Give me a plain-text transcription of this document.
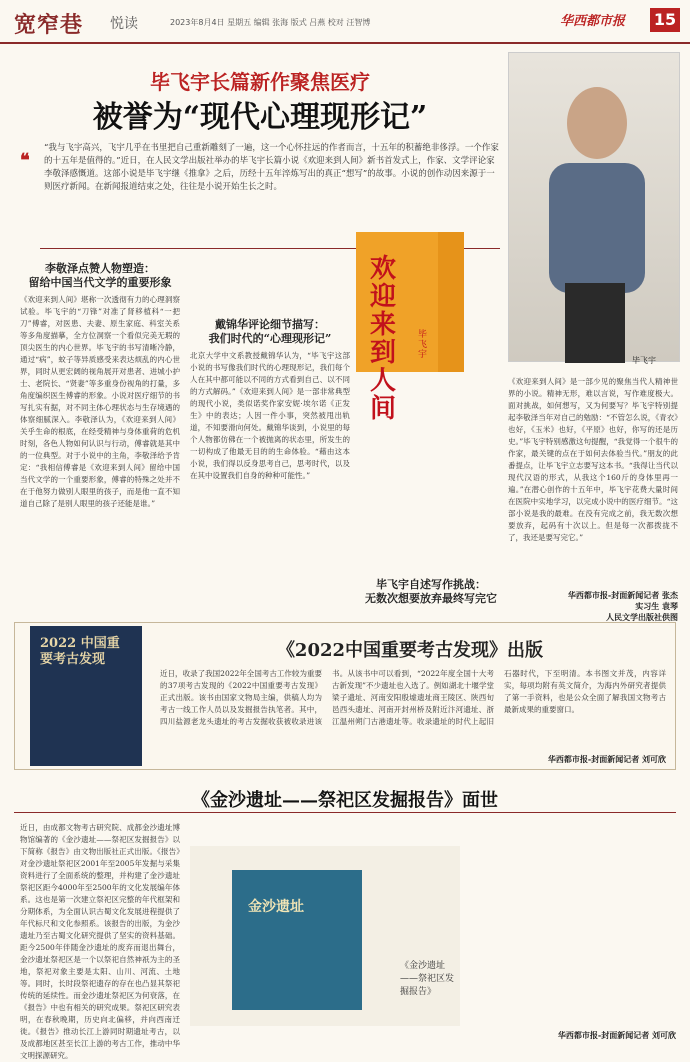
宽窄巷 悦读	2023年8月4日 星期五 编辑 张海 版式 吕燕 校对 汪智博	华西都市报 15
毕飞宇长篇新作聚焦医疗
被誉为“现代心理现形记”
❝
“我与飞宇高兴，飞宇几乎在书里把自己重新雕刻了一遍，这一个心怀拄远的作者而言，十五年的积蓄绝非侈浮。一个作家的十五年是值得的。”近日，在人民文学出版社举办的毕飞宇长篇小说《欢迎来到人间》新书首发式上，作家、文学评论家李敬泽感慨道。这部小说是毕飞宇继《推拿》之后，历经十五年淬炼写出的真正“想写”的故事。小说的创作动因来源于一则医疗新闻。在新闻报道结束之处，往往是小说开始生长之时。
毕飞宇
李敬泽点赞人物塑造：
留给中国当代文学的重要形象
《欢迎来到人间》堪称一次透彻有力的心理洞察试验。毕飞宇的“刀锋”对准了肾移植科“一把刀”傅睿，对医患、夫妻、原生家庭、科室关系等多角度描摹，全方位洞察一个看似完美无瑕的顶尖医生的内心世界。毕飞宇的书写清晰冷静，通过“病”，蚊子等异质感受来表达烦乱的内心世界，同时从更宏阔的视角展开对患者、进城小护士、老院长、“贤妻”等多重身份视角的打量，多角度编织医生傅睿的形象。小说对医疗细节的书写扎实有据，对不同主体心理状态与生存境遇的体察细腻深入。李敬泽认为，《欢迎来到人间》关乎生命的根底，在经受精神与身体重荷的危机时刻，各色人物如何认识与行动，傅睿就是其中的一位典型。对于小说中的主角，李敬泽给予肯定：“我相信傅睿是《欢迎来到人间》留给中国当代文学的一个重要形象，傅睿的特殊之处并不在于他努力做别人眼里的孩子，而是他一直不知道自己除了是别人眼里的孩子还能是谁。”
戴锦华评论细节描写：
我们时代的“心理现形记”
北京大学中文系教授戴锦华认为，“毕飞宇这部小说的书写像我们时代的心理现形记，我们每个人在其中都可能以不同的方式看到自己、以不同的方式解码。”《欢迎来到人间》是一部非常典型的现代小说，类似诺奖作家安妮·埃尔诺《正发生》中的表达；人因一件小事，突然被甩出轨道，不知要滑向何处。戴锦华谈到，小说里的每个人物都仿佛在一个被抛离的状态里，所发生的一切构成了他最无目的的生命体验。“藉由这本小说，我们得以反身思考自己，思考时代，以及在其中设置我们自身的种种可能性。”
欢迎来到人间
毕飞宇
毕飞宇自述写作挑战：
无数次想要放弃最终写完它
《欢迎来到人间》是一部少见的聚焦当代人精神世界的小说。精神无形，难以言说，写作难度极大。面对挑战，如何想写，又为何要写？毕飞宇特别提起李敬泽当年对自己的勉励：“不管怎么说，《青衣》也好，《玉米》也好，《平原》也好，你写的还是历史。”毕飞宇特别感激这句提醒，“我觉得一个很牛的作家，最关键的点在于如何去体验当代。”朋友的此番提点，让毕飞宇立志要写这本书。“我得让当代以现代汉语的形式，从我这个160斤的身体里再一遍。”在潜心创作的十五年中，毕飞宇花费大量时间在医院中实地学习，以完成小说中的医疗细节。“这部小说是我的最难。在没有完成之前，我无数次想要放弃，起码有十次以上。但是每一次都拨拢不了，我还是要写完它。”
华西都市报-封面新闻记者 张杰
实习生 袁琴
人民文学出版社供图
2022 中国重要考古发现	《2022中国重要考古发现》出版
近日，收录了我国2022年全国考古工作较为重要的37项考古发现的《2022中国重要考古发现》正式出版。该书由国家文物局主编，供稿人均为考古一线工作人员以及发掘报告执笔者。其中，四川盐源老龙头遗址的考古发掘收获被收录进该书。从该书中可以看到，“2022年度全国十大考古新发现”不少遗址也入选了。例如湖北十堰学堂梁子遗址、河南安阳殷墟遗址商王陵区、陕西旬邑西头遗址、河南开封州桥及附近汴河遗址、浙江温州朔门古港遗址等。收录遗址的时代上起旧石器时代，下至明清。本书图文并茂，内容详实，每项均附有英文简介，为海内外研究者提供了第一手资料，也是公众全面了解我国文物考古最新成果的重要窗口。
华西都市报-封面新闻记者 刘可欣
《金沙遗址——祭祀区发掘报告》面世
近日，由成都文物考古研究院、成都金沙遗址博物馆编著的《金沙遗址——祭祀区发掘报告》以下简称《报告》由文物出版社正式出版。《报告》对金沙遗址祭祀区2001年至2005年发掘与采集资料进行了全面系统的整理，并构建了金沙遗址祭祀区距今4000年至2500年的文化发展编年体系。这也是第一次建立祭祀区完整的年代框架和分期体系，为全面认识古蜀文化发展进程提供了年代标尺和文化参照系。该报告的出版，为金沙遗址乃至古蜀文化研究提供了坚实的资料基础。距今2500年伴随金沙遗址的废弃而退出舞台，金沙遗址祭祀区是一个以祭祀自然神祇为主的圣地，祭祀对象主要是太阳、山川、河流、土地等。同时，长时段祭祀遗存的存在也凸显其祭祀传统的延续性。而金沙遗址祭祀区为何衰落，在《报告》中也有相关的研究成果。祭祀区研究表明，在春秋晚期，历史向北偏移，并向西南迁徙。《报告》推动长江上游同时期遗址考古，以及成都地区甚至长江上游的考古工作，推动中华文明探源研究。
金沙遗址
《金沙遗址——祭祀区发掘报告》
华西都市报-封面新闻记者 刘可欣
